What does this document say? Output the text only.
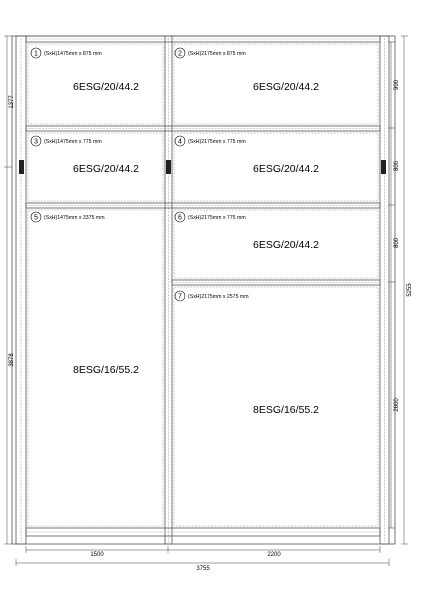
1 (SxH)1475mm x 875 mm
6ESG/20/44.2
2 (SxH)2175mm x 875 mm
6ESG/20/44.2
3 (SxH)1475mm x 775 mm
6ESG/20/44.2
4 (SxH)2175mm x 775 mm
6ESG/20/44.2
5 (SxH)1475mm x 3375 mm
8ESG/16/55.2
6 (SxH)2175mm x 775 mm
6ESG/20/44.2
7 (SxH)2175mm x 2575 mm
8ESG/16/55.2
1377
3878
900
800
800
2600
5255
1500	2200
3755
